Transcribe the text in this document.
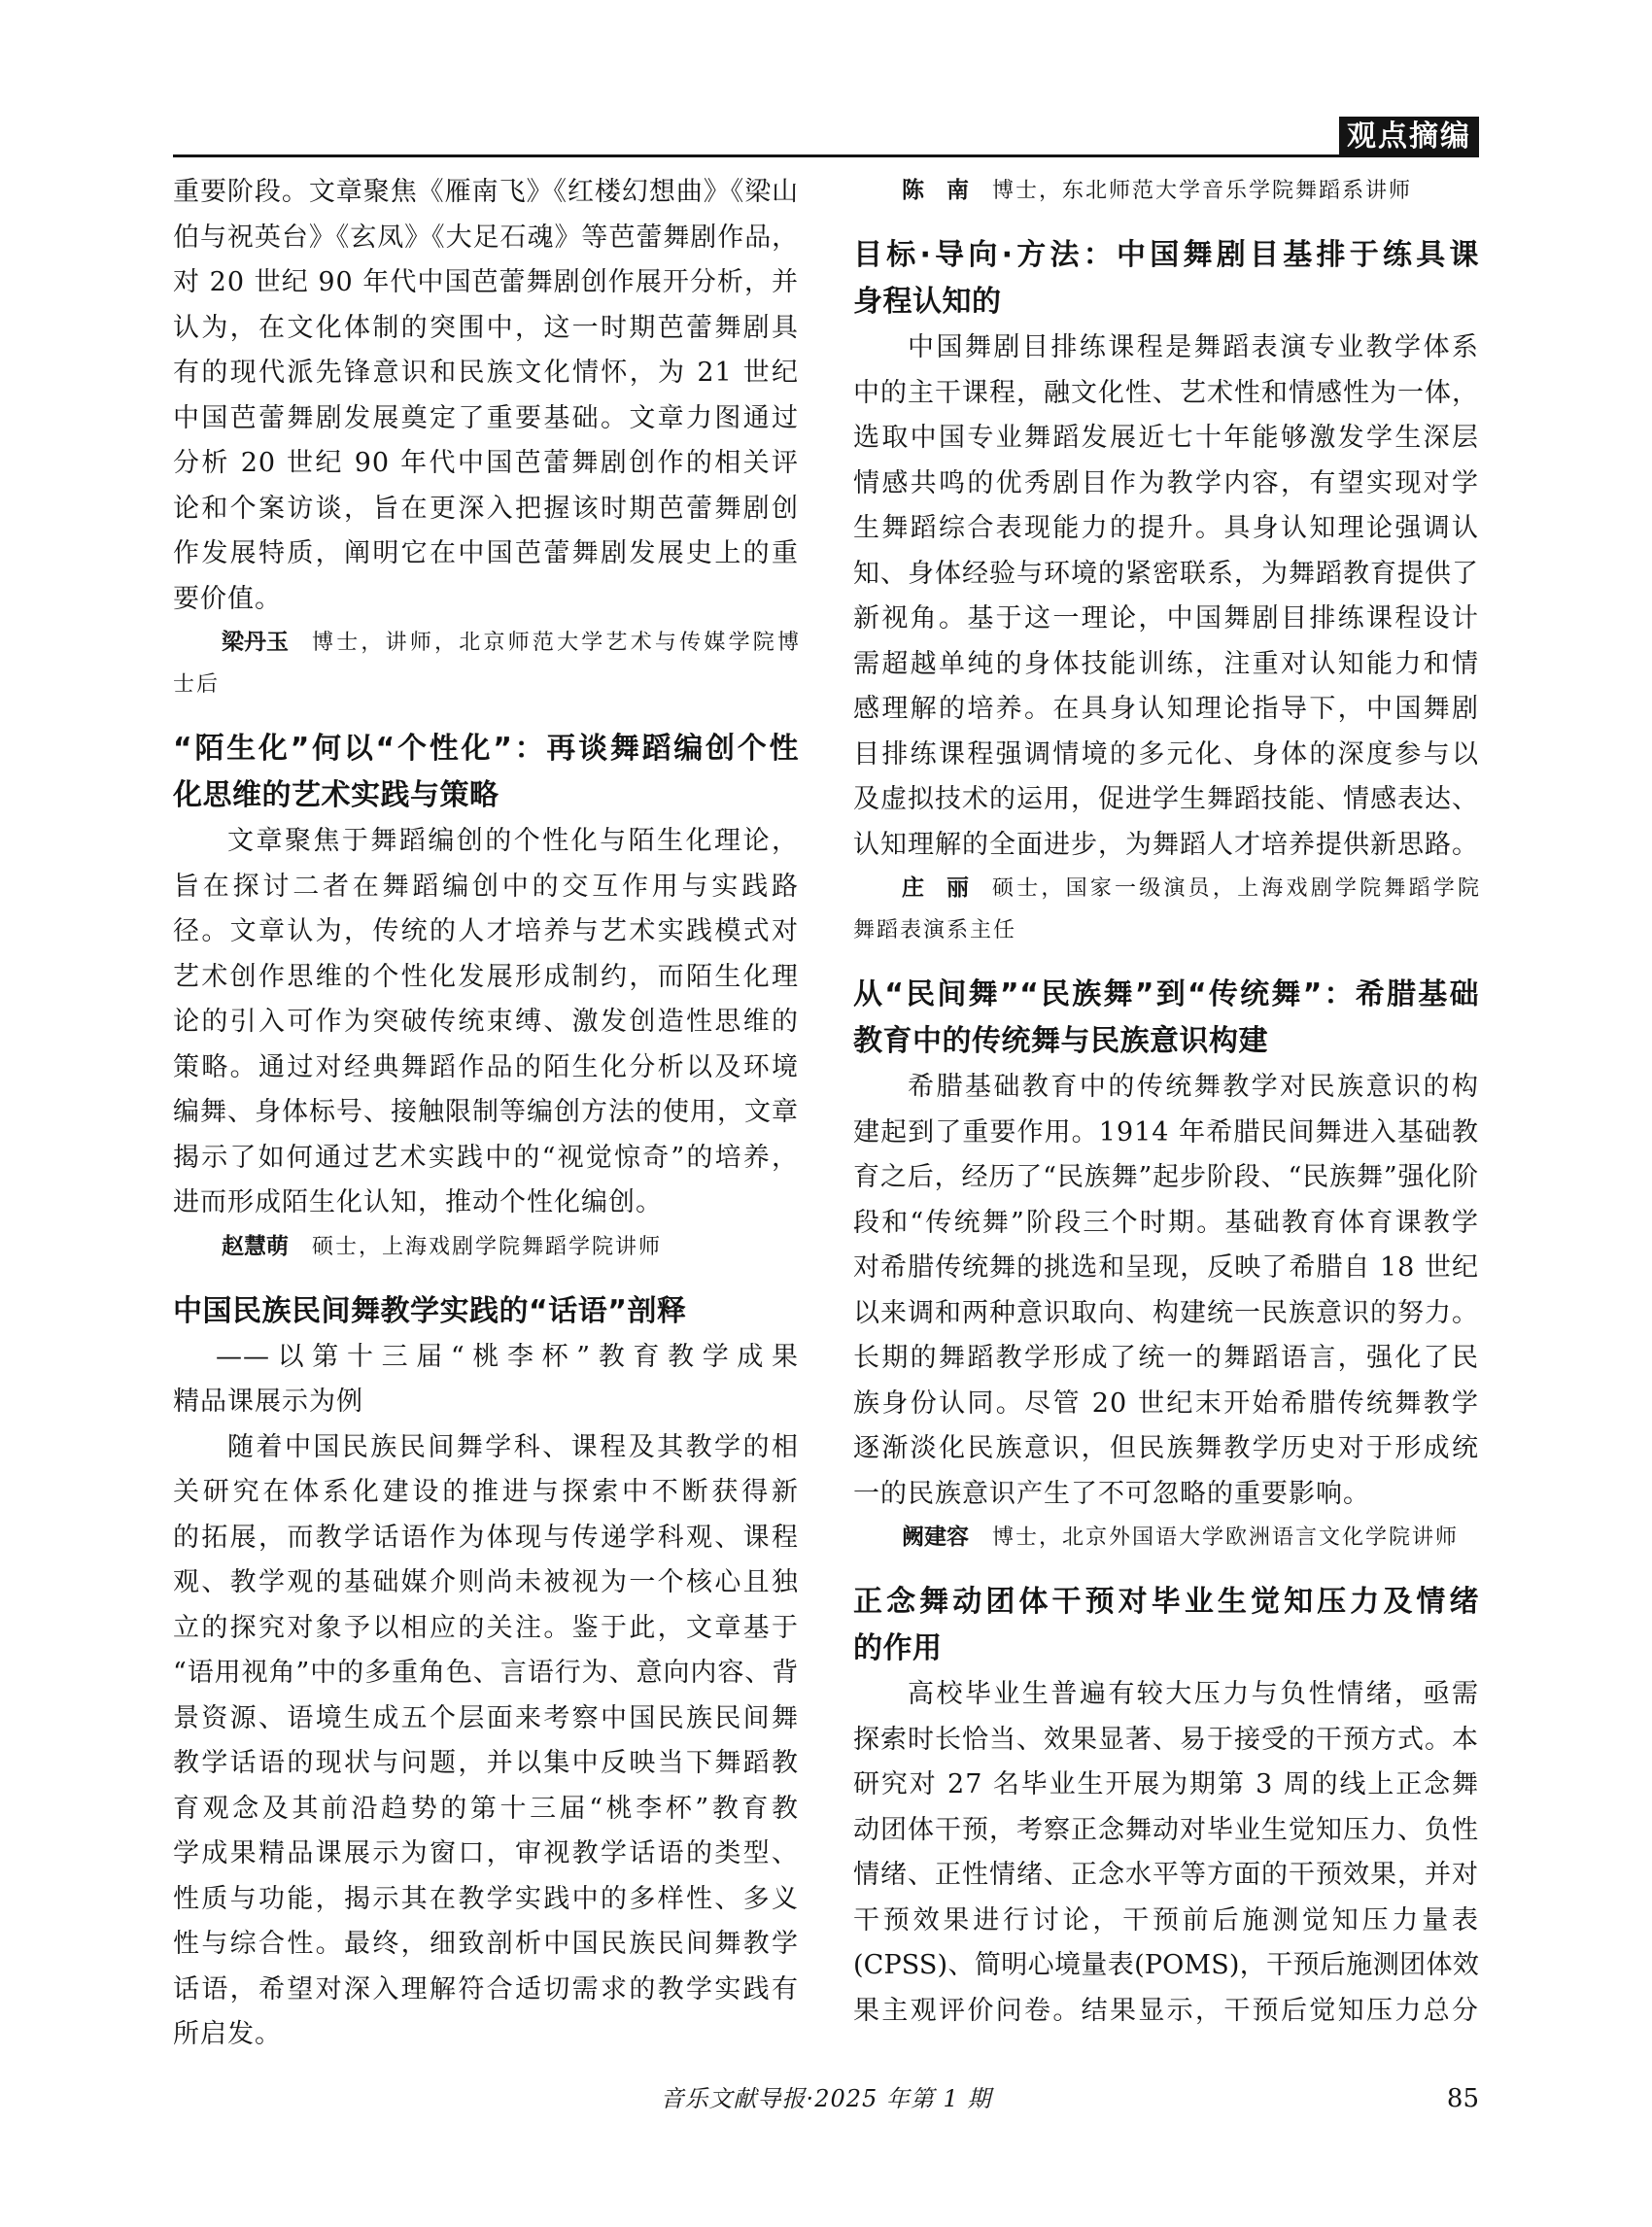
观点摘编
重要阶段。文章聚焦《雁南飞》《红楼幻想曲》《梁山
伯与祝英台》《玄凤》《大足石魂》等芭蕾舞剧作品，
对 20 世纪 90 年代中国芭蕾舞剧创作展开分析，并
认为，在文化体制的突围中，这一时期芭蕾舞剧具
有的现代派先锋意识和民族文化情怀，为 21 世纪
中国芭蕾舞剧发展奠定了重要基础。文章力图通过
分析 20 世纪 90 年代中国芭蕾舞剧创作的相关评
论和个案访谈，旨在更深入把握该时期芭蕾舞剧创
作发展特质，阐明它在中国芭蕾舞剧发展史上的重
要价值。
梁丹玉 博士，讲师，北京师范大学艺术与传媒学院博
士后
“陌生化”何以“个性化”：再谈舞蹈编创个性
化思维的艺术实践与策略
文章聚焦于舞蹈编创的个性化与陌生化理论，
旨在探讨二者在舞蹈编创中的交互作用与实践路
径。文章认为，传统的人才培养与艺术实践模式对
艺术创作思维的个性化发展形成制约，而陌生化理
论的引入可作为突破传统束缚、激发创造性思维的
策略。通过对经典舞蹈作品的陌生化分析以及环境
编舞、身体标号、接触限制等编创方法的使用，文章
揭示了如何通过艺术实践中的“视觉惊奇”的培养，
进而形成陌生化认知，推动个性化编创。
赵慧萌 硕士，上海戏剧学院舞蹈学院讲师
中国民族民间舞教学实践的“话语”剖释
——以第十三届“桃李杯”教育教学成果
精品课展示为例
随着中国民族民间舞学科、课程及其教学的相
关研究在体系化建设的推进与探索中不断获得新
的拓展，而教学话语作为体现与传递学科观、课程
观、教学观的基础媒介则尚未被视为一个核心且独
立的探究对象予以相应的关注。鉴于此，文章基于
“语用视角”中的多重角色、言语行为、意向内容、背
景资源、语境生成五个层面来考察中国民族民间舞
教学话语的现状与问题，并以集中反映当下舞蹈教
育观念及其前沿趋势的第十三届“桃李杯”教育教
学成果精品课展示为窗口，审视教学话语的类型、
性质与功能，揭示其在教学实践中的多样性、多义
性与综合性。最终，细致剖析中国民族民间舞教学
话语，希望对深入理解符合适切需求的教学实践有
所启发。
陈　南 博士，东北师范大学音乐学院舞蹈系讲师
目标·导向·方法：中国舞剧目基排于练具课
身程认知的
中国舞剧目排练课程是舞蹈表演专业教学体系
中的主干课程，融文化性、艺术性和情感性为一体，
选取中国专业舞蹈发展近七十年能够激发学生深层
情感共鸣的优秀剧目作为教学内容，有望实现对学
生舞蹈综合表现能力的提升。具身认知理论强调认
知、身体经验与环境的紧密联系，为舞蹈教育提供了
新视角。基于这一理论，中国舞剧目排练课程设计
需超越单纯的身体技能训练，注重对认知能力和情
感理解的培养。在具身认知理论指导下，中国舞剧
目排练课程强调情境的多元化、身体的深度参与以
及虚拟技术的运用，促进学生舞蹈技能、情感表达、
认知理解的全面进步，为舞蹈人才培养提供新思路。
庄　丽 硕士，国家一级演员，上海戏剧学院舞蹈学院
舞蹈表演系主任
从“民间舞”“民族舞”到“传统舞”：希腊基础
教育中的传统舞与民族意识构建
希腊基础教育中的传统舞教学对民族意识的构
建起到了重要作用。1914 年希腊民间舞进入基础教
育之后，经历了“民族舞”起步阶段、“民族舞”强化阶
段和“传统舞”阶段三个时期。基础教育体育课教学
对希腊传统舞的挑选和呈现，反映了希腊自 18 世纪
以来调和两种意识取向、构建统一民族意识的努力。
长期的舞蹈教学形成了统一的舞蹈语言，强化了民
族身份认同。尽管 20 世纪末开始希腊传统舞教学
逐渐淡化民族意识，但民族舞教学历史对于形成统
一的民族意识产生了不可忽略的重要影响。
阙建容 博士，北京外国语大学欧洲语言文化学院讲师
正念舞动团体干预对毕业生觉知压力及情绪
的作用
高校毕业生普遍有较大压力与负性情绪，亟需
探索时长恰当、效果显著、易于接受的干预方式。本
研究对 27 名毕业生开展为期第 3 周的线上正念舞
动团体干预，考察正念舞动对毕业生觉知压力、负性
情绪、正性情绪、正念水平等方面的干预效果，并对
干预效果进行讨论，干预前后施测觉知压力量表
(CPSS)、简明心境量表(POMS)，干预后施测团体效
果主观评价问卷。结果显示，干预后觉知压力总分
音乐文献导报·2025 年第 1 期	85
